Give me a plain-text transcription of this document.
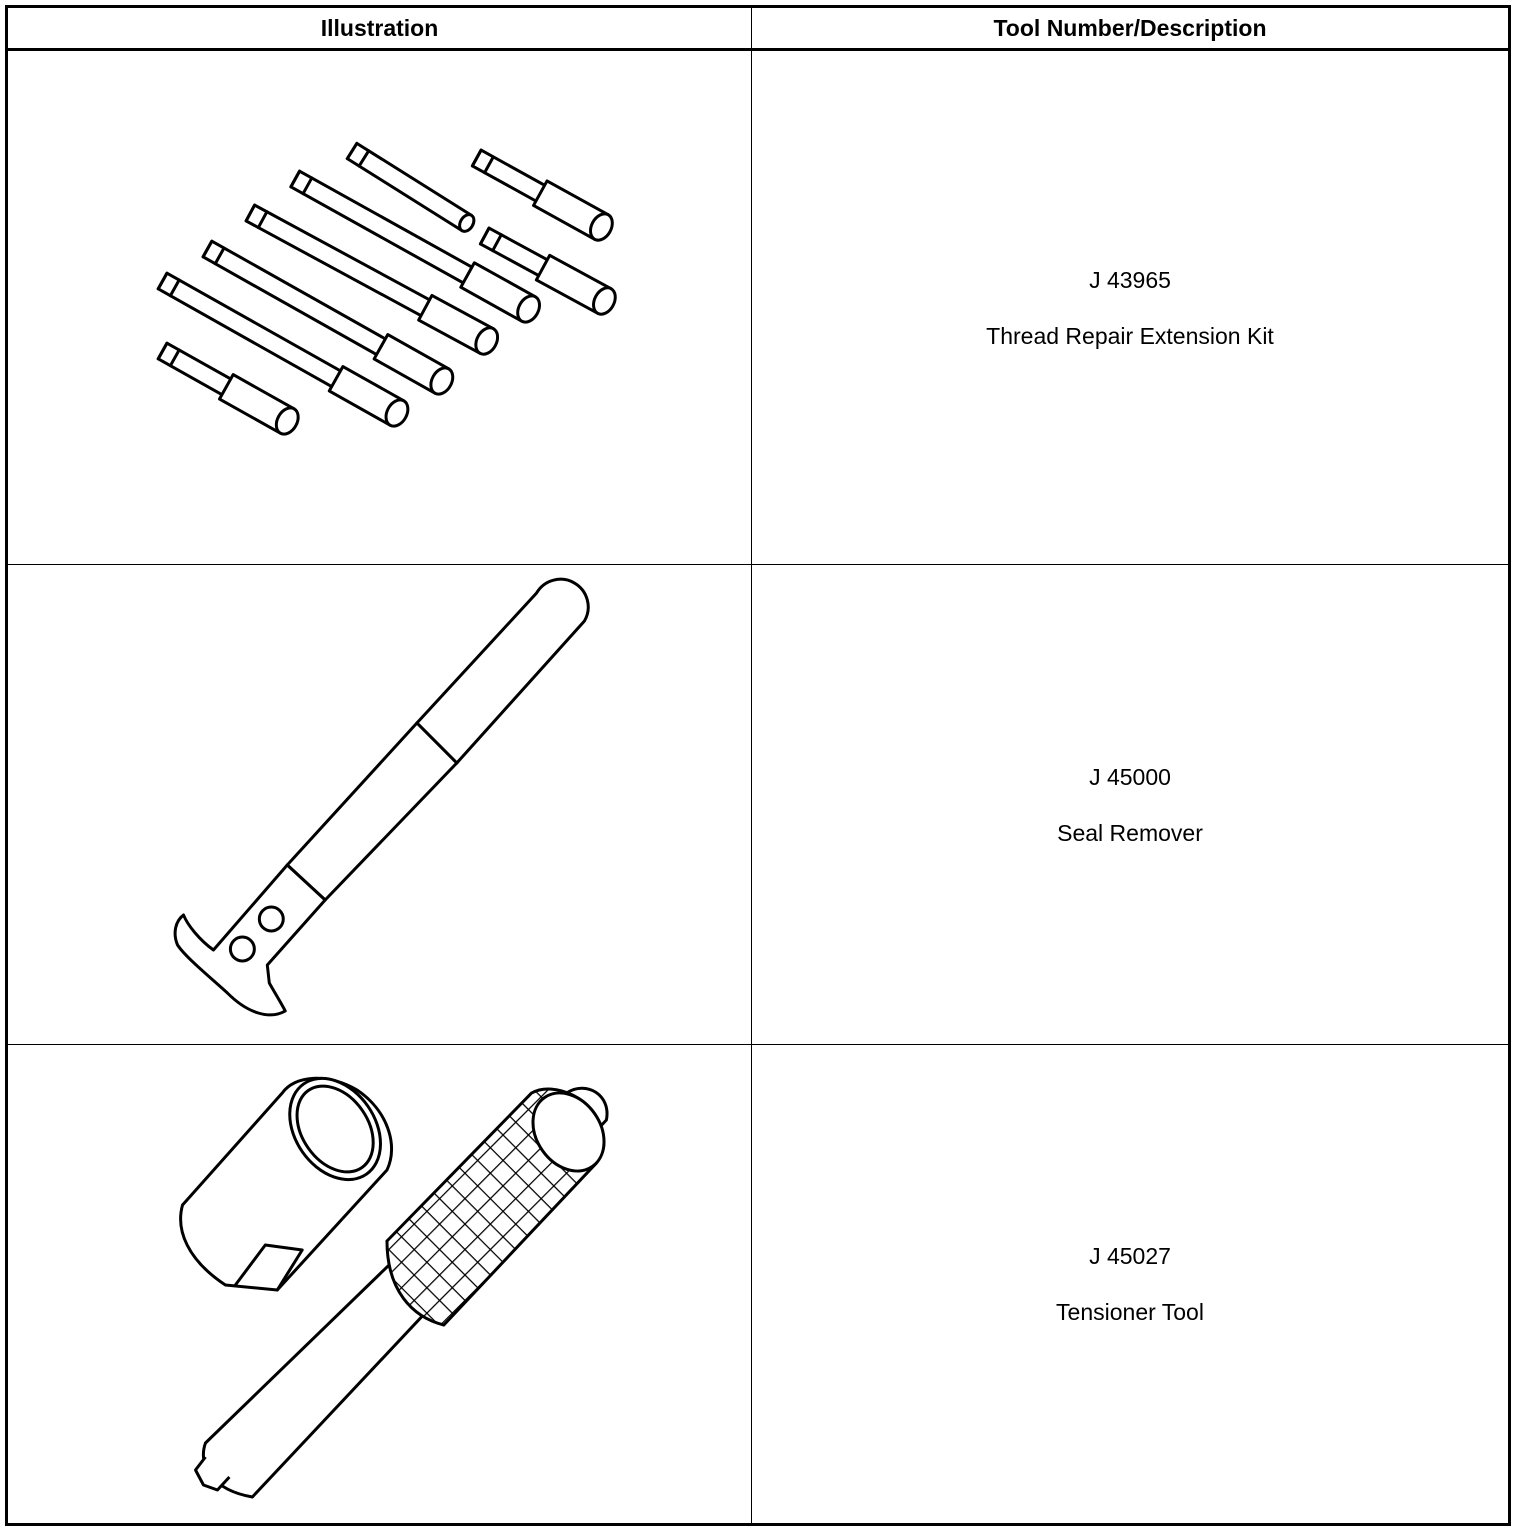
Illustration	Tool Number/Description

J 43965
Thread Repair Extension Kit

J 45000
Seal Remover

J 45027
Tensioner Tool
